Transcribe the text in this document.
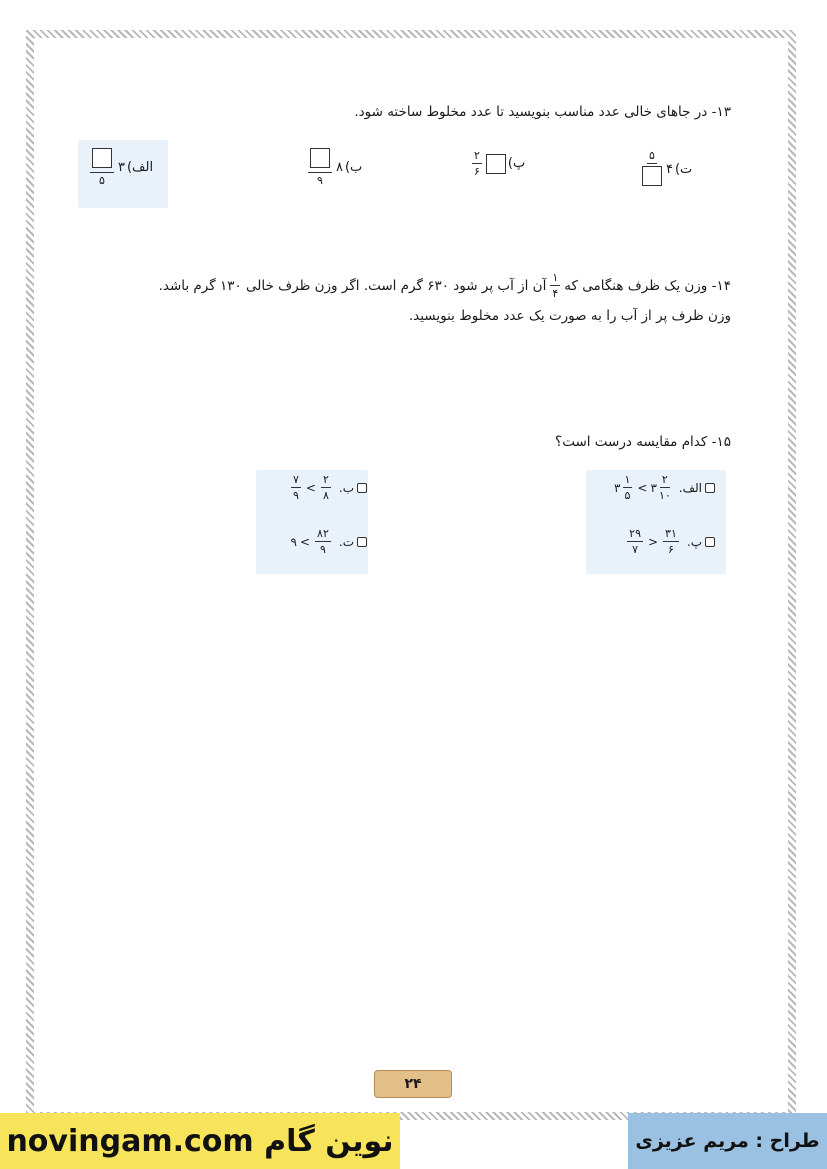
۱۳- در جاهای خالی عدد مناسب بنویسید تا عدد مخلوط ساخته شود.
الف)
۳
۵
ب)
۸
۹
پ)
$\frac{۲}{۶}$	ت)
۴
۵
۱۴- وزن یک ظرف هنگامی که
$\frac{۱}{۴}$
آن از آب پر شود ۶۳۰ گرم است. اگر وزن ظرف خالی ۱۳۰ گرم باشد.
وزن ظرف پر از آب را به صورت یک عدد مخلوط بنویسید.
۱۵- کدام مقایسه درست است؟
الف.
۳ $\frac{۱}{۵}$ < ۳ $\frac{۲}{۱۰}$
ب.
$\frac{۷}{۹} < \frac{۲}{۸}$
پ.
$\frac{۲۹}{۷} > \frac{۳۱}{۶}$
ت.
۹ < $\frac{۸۲}{۹}$
۲۴
novingam.com نوین گام	طراح : مریم عزیزی
